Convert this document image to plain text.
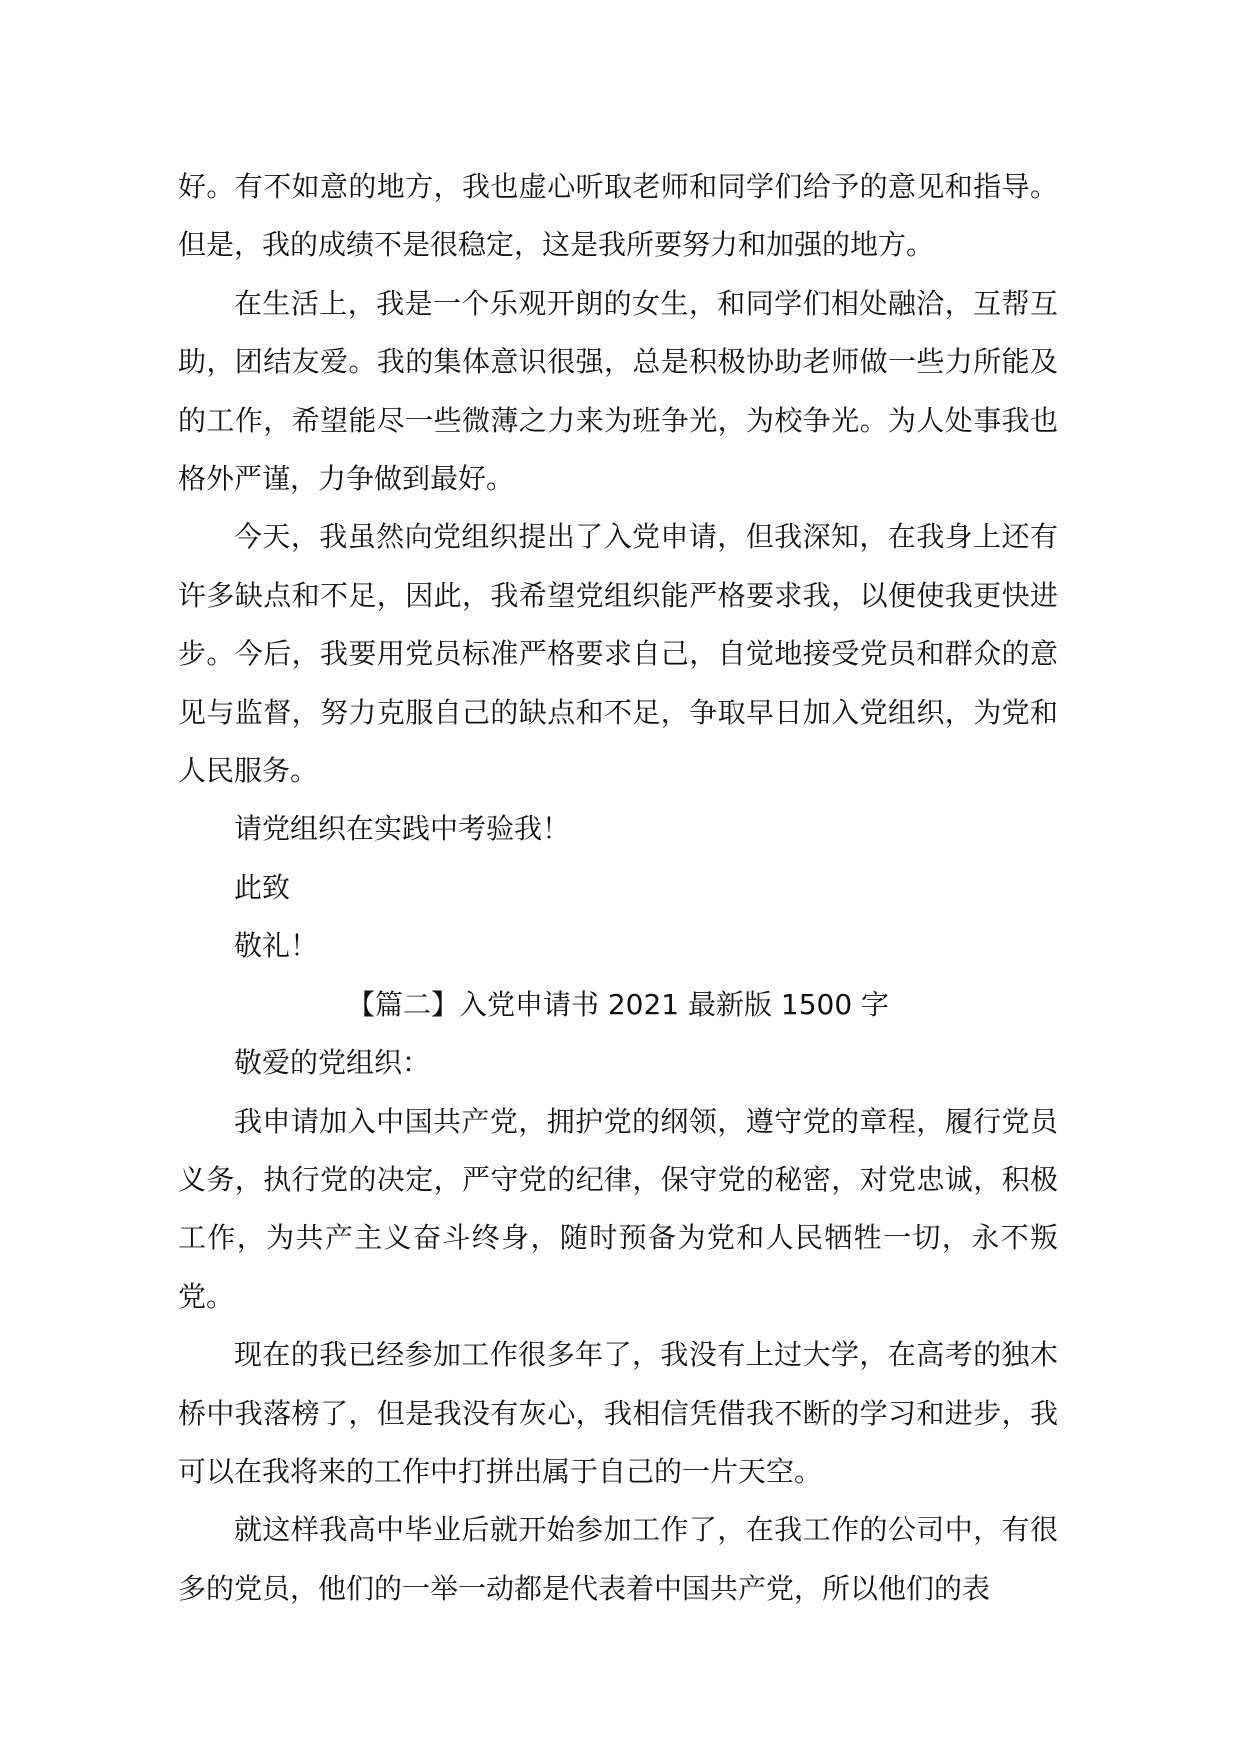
好。有不如意的地方，我也虚心听取老师和同学们给予的意见和指导。但是，我的成绩不是很稳定，这是我所要努力和加强的地方。

在生活上，我是一个乐观开朗的女生，和同学们相处融洽，互帮互助，团结友爱。我的集体意识很强，总是积极协助老师做一些力所能及的工作，希望能尽一些微薄之力来为班争光，为校争光。为人处事我也格外严谨，力争做到最好。

今天，我虽然向党组织提出了入党申请，但我深知，在我身上还有许多缺点和不足，因此，我希望党组织能严格要求我，以便使我更快进步。今后，我要用党员标准严格要求自己，自觉地接受党员和群众的意见与监督，努力克服自己的缺点和不足，争取早日加入党组织，为党和人民服务。

请党组织在实践中考验我！

此致

敬礼！

【篇二】入党申请书 2021 最新版 1500 字

敬爱的党组织：

我申请加入中国共产党，拥护党的纲领，遵守党的章程，履行党员义务，执行党的决定，严守党的纪律，保守党的秘密，对党忠诚，积极工作，为共产主义奋斗终身，随时预备为党和人民牺牲一切，永不叛党。

现在的我已经参加工作很多年了，我没有上过大学，在高考的独木桥中我落榜了，但是我没有灰心，我相信凭借我不断的学习和进步，我可以在我将来的工作中打拼出属于自己的一片天空。

就这样我高中毕业后就开始参加工作了，在我工作的公司中，有很多的党员，他们的一举一动都是代表着中国共产党，所以他们的表
